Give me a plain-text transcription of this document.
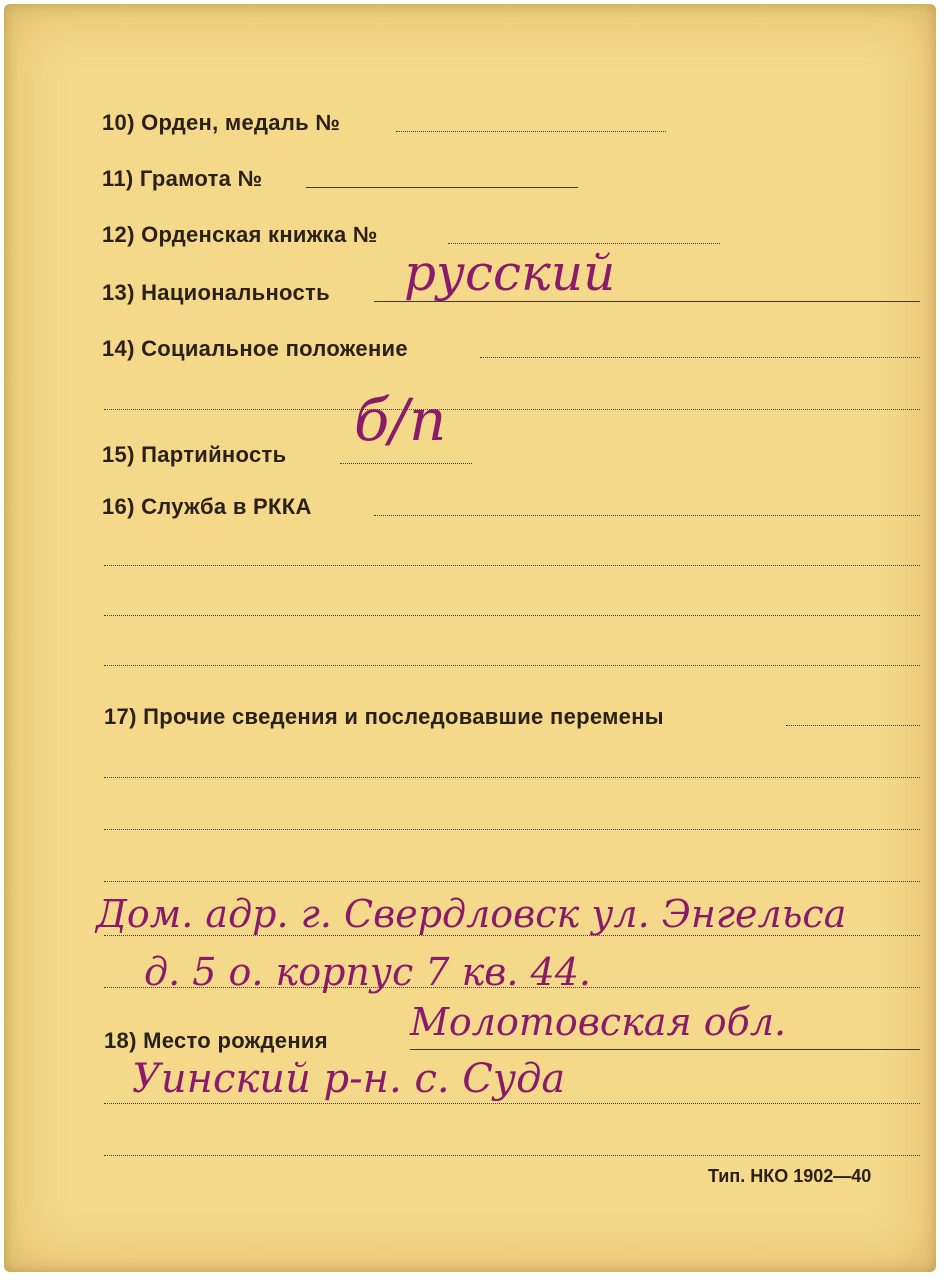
10) Орден, медаль №
11) Грамота №
12) Орденская книжка №
13) Национальность русский
14) Социальное положение
15) Партийность
б/п
16) Служба в РККА
17) Прочие сведения и последовавшие перемены
Дом. адр. г. Свердловск ул. Энгельса
д. 5 о. корпус 7 кв. 44.
18) Место рождения Молотовская обл.
Уинский р-н. с. Суда
Тип. НКО 1902—40
